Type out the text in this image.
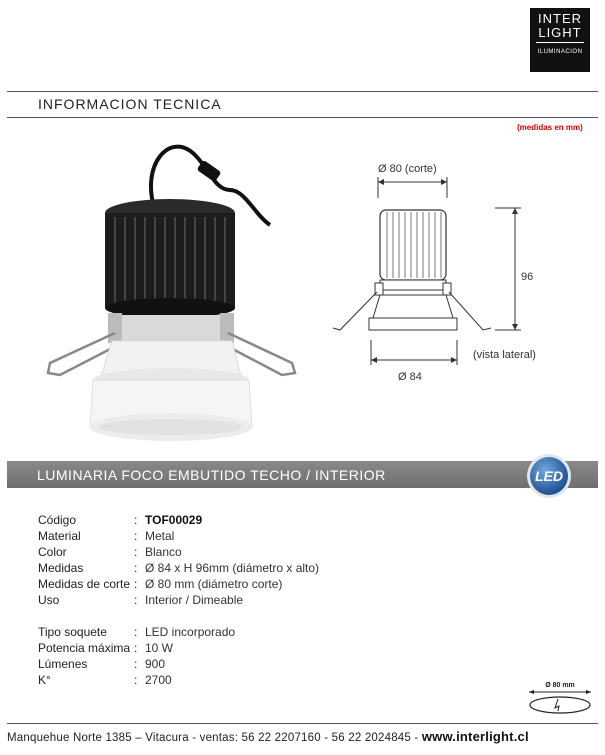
INTER
LIGHT
ILUMINACION
INFORMACION TECNICA
(medidas en mm)
Ø 80 (corte)
96
Ø 84
(vista lateral)
LUMINARIA FOCO EMBUTIDO TECHO / INTERIOR	LED
Código	: TOF00029
Material	: Metal
Color	: Blanco
Medidas	: Ø 84 x H 96mm (diámetro x alto)
Medidas de corte : Ø 80 mm (diámetro corte)
Uso	: Interior / Dimeable
Tipo soquete : LED incorporado
Potencia máxima : 10 W
Lúmenes	: 900
K°	: 2700	Ø 80 mm
Manquehue Norte 1385 – Vitacura - ventas: 56 22 2207160 - 56 22 2024845 - www.interlight.cl
